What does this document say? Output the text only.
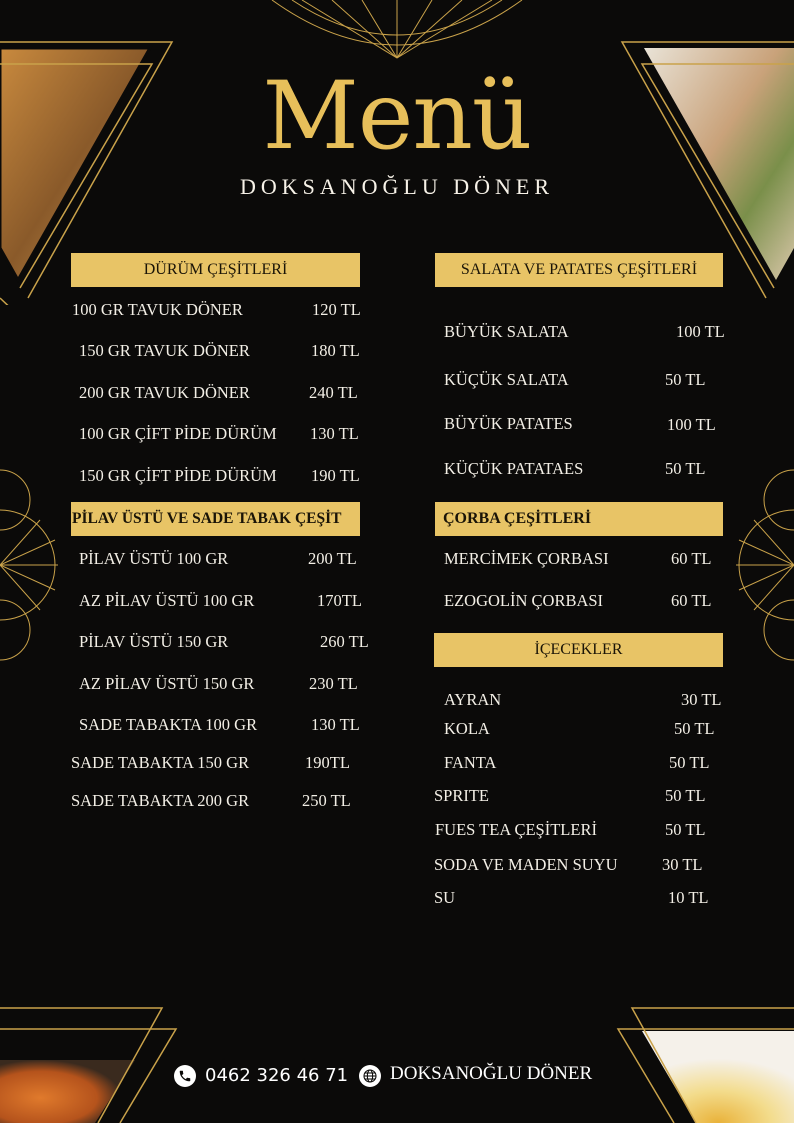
Menü
DOKSANOĞLU DÖNER
DÜRÜM ÇEŞİTLERİ
100 GR TAVUK DÖNER	120 TL
150 GR TAVUK DÖNER	180 TL
200 GR TAVUK DÖNER	240 TL
100 GR ÇİFT PİDE DÜRÜM 130 TL
150 GR ÇİFT PİDE DÜRÜM 190 TL
PİLAV ÜSTÜ VE SADE TABAK ÇEŞİT
PİLAV ÜSTÜ 100 GR	200 TL
AZ PİLAV ÜSTÜ 100 GR	170TL
PİLAV ÜSTÜ 150 GR	260 TL
AZ PİLAV ÜSTÜ 150 GR	230 TL
SADE TABAKTA 100 GR	130 TL
SADE TABAKTA 150 GR	190TL
SADE TABAKTA 200 GR	250 TL
SALATA VE PATATES ÇEŞİTLERİ
BÜYÜK SALATA	100 TL
KÜÇÜK SALATA	50 TL
BÜYÜK PATATES	100 TL
KÜÇÜK PATATAES	50 TL
ÇORBA ÇEŞİTLERİ
MERCİMEK ÇORBASI	60 TL
EZOGOLİN ÇORBASI	60 TL
İÇECEKLER
AYRAN	30 TL
KOLA	50 TL
FANTA	50 TL
SPRITE	50 TL
FUES TEA ÇEŞİTLERİ	50 TL
SODA VE MADEN SUYU	30 TL
SU	10 TL
0462 326 46 71 DOKSANOĞLU DÖNER
